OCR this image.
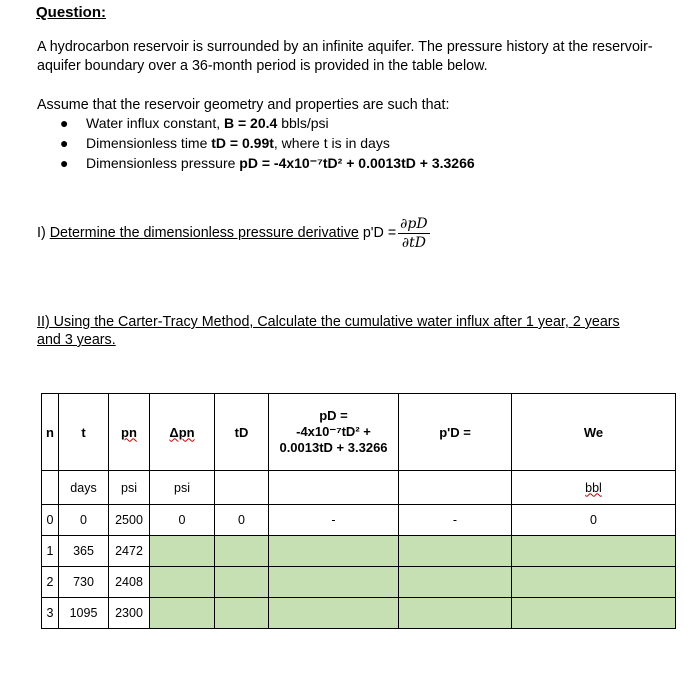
Question:
A hydrocarbon reservoir is surrounded by an infinite aquifer. The pressure history at the reservoir-aquifer boundary over a 36-month period is provided in the table below.
Assume that the reservoir geometry and properties are such that:
● Water influx constant, B = 20.4 bbls/psi
● Dimensionless time tD = 0.99t, where t is in days
● Dimensionless pressure pD = -4x10⁻⁷tD² + 0.0013tD + 3.3266
I) Determine the dimensionless pressure derivative $p'D = \frac{\partial pD}{\partial tD}$
II) Using the Carter-Tracy Method, Calculate the cumulative water influx after 1 year, 2 years and 3 years.
n	t	pn	Δpn	tD	pD =
-4x10⁻⁷tD² +
0.0013tD + 3.3266	p'D =	We
	days	psi	psi				bbl
0	0	2500	0	0	-	-	0
1	365	2472					
2	730	2408					
3	1095	2300					
